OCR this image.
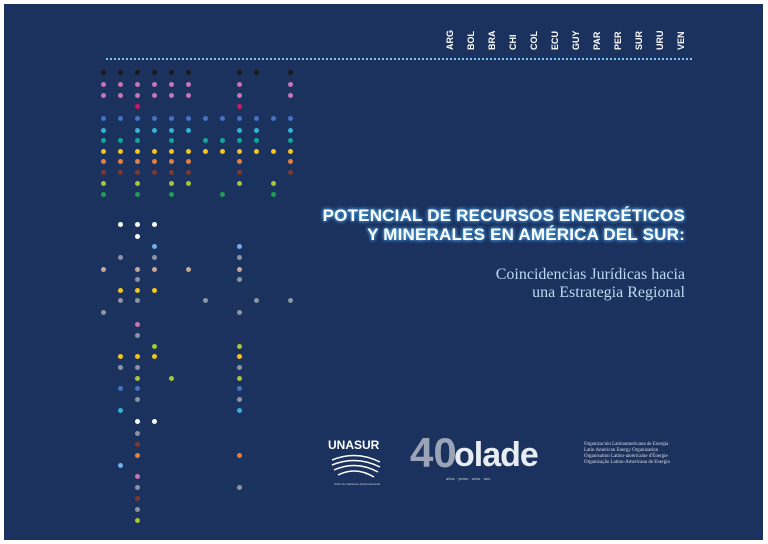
ARG	BOL	BRA	CHI	COL	ECU	GUY	PAR	PER	SUR	URU	VEN
POTENCIAL DE RECURSOS ENERGÉTICOS
Y MINERALES EN AMÉRICA DEL SUR:
Coincidencias Jurídicas hacia
una Estrategia Regional
UNASUR
Unión de Naciones Suramericanas
40
olade
años · years · anos · ans
Organización Latinoamericana de Energía
Latin American Energy Organization
Organisation Latino-américaine d'Énergie
Organização Latino-Americana de Energia
